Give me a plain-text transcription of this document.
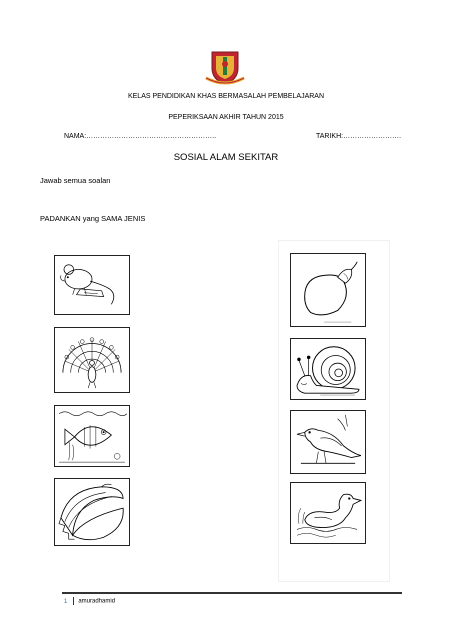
KELAS PENDIDIKAN KHAS BERMASALAH PEMBELAJARAN
PEPERIKSAAN AKHIR TAHUN 2015
NAMA:………………………………………………..	TARIKH:…………………….
SOSIAL ALAM SEKITAR
Jawab semua soalan
PADANKAN yang SAMA JENIS
1 amuradhamid
